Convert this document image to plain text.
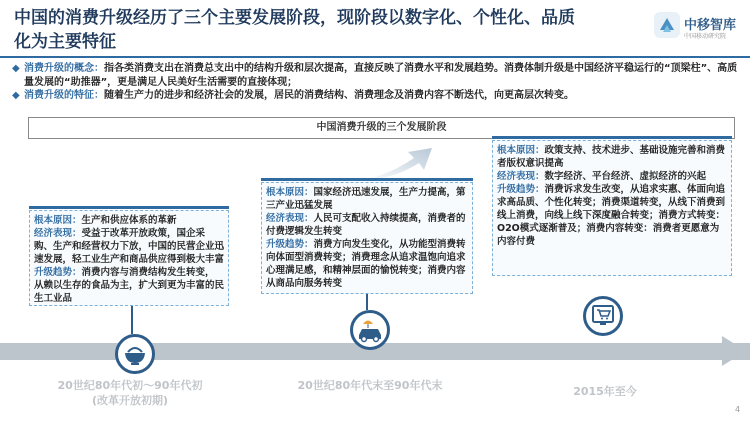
中国的消费升级经历了三个主要发展阶段，现阶段以数字化、个性化、品质化为主要特征
中移智库
中国移动研究院
◆ 消费升级的概念：指各类消费支出在消费总支出中的结构升级和层次提高，直接反映了消费水平和发展趋势。消费体制升级是中国经济平稳运行的“顶梁柱”、高质量发展的“助推器”，更是满足人民美好生活需要的直接体现；
◆ 消费升级的特征：随着生产力的进步和经济社会的发展，居民的消费结构、消费理念及消费内容不断迭代，向更高层次转变。
中国消费升级的三个发展阶段
根本原因：生产和供应体系的革新
经济表现：受益于改革开放政策，国企采购、生产和经营权力下放，中国的民营企业迅速发展，轻工业生产和商品供应得到极大丰富
升级趋势：消费内容与消费结构发生转变，从赖以生存的食品为主，扩大到更为丰富的民生工业品
根本原因：国家经济迅速发展，生产力提高，第三产业迅猛发展
经济表现：人民可支配收入持续提高，消费者的付费逻辑发生转变
升级趋势：消费方向发生变化，从功能型消费转向体面型消费转变；消费理念从追求温饱向追求心理满足感，和精神层面的愉悦转变；消费内容从商品向服务转变
根本原因：政策支持、技术进步、基础设施完善和消费者版权意识提高
经济表现：数字经济、平台经济、虚拟经济的兴起
升级趋势：消费诉求发生改变，从追求实惠、体面向追求高品质、个性化转变；消费渠道转变，从线下消费到线上消费，向线上线下深度融合转变；消费方式转变：O2O模式逐渐普及；消费内容转变：消费者更愿意为内容付费
20世纪80年代初～90年代初
(改革开放初期)
20世纪80年代末至90年代末	2015年至今
4
